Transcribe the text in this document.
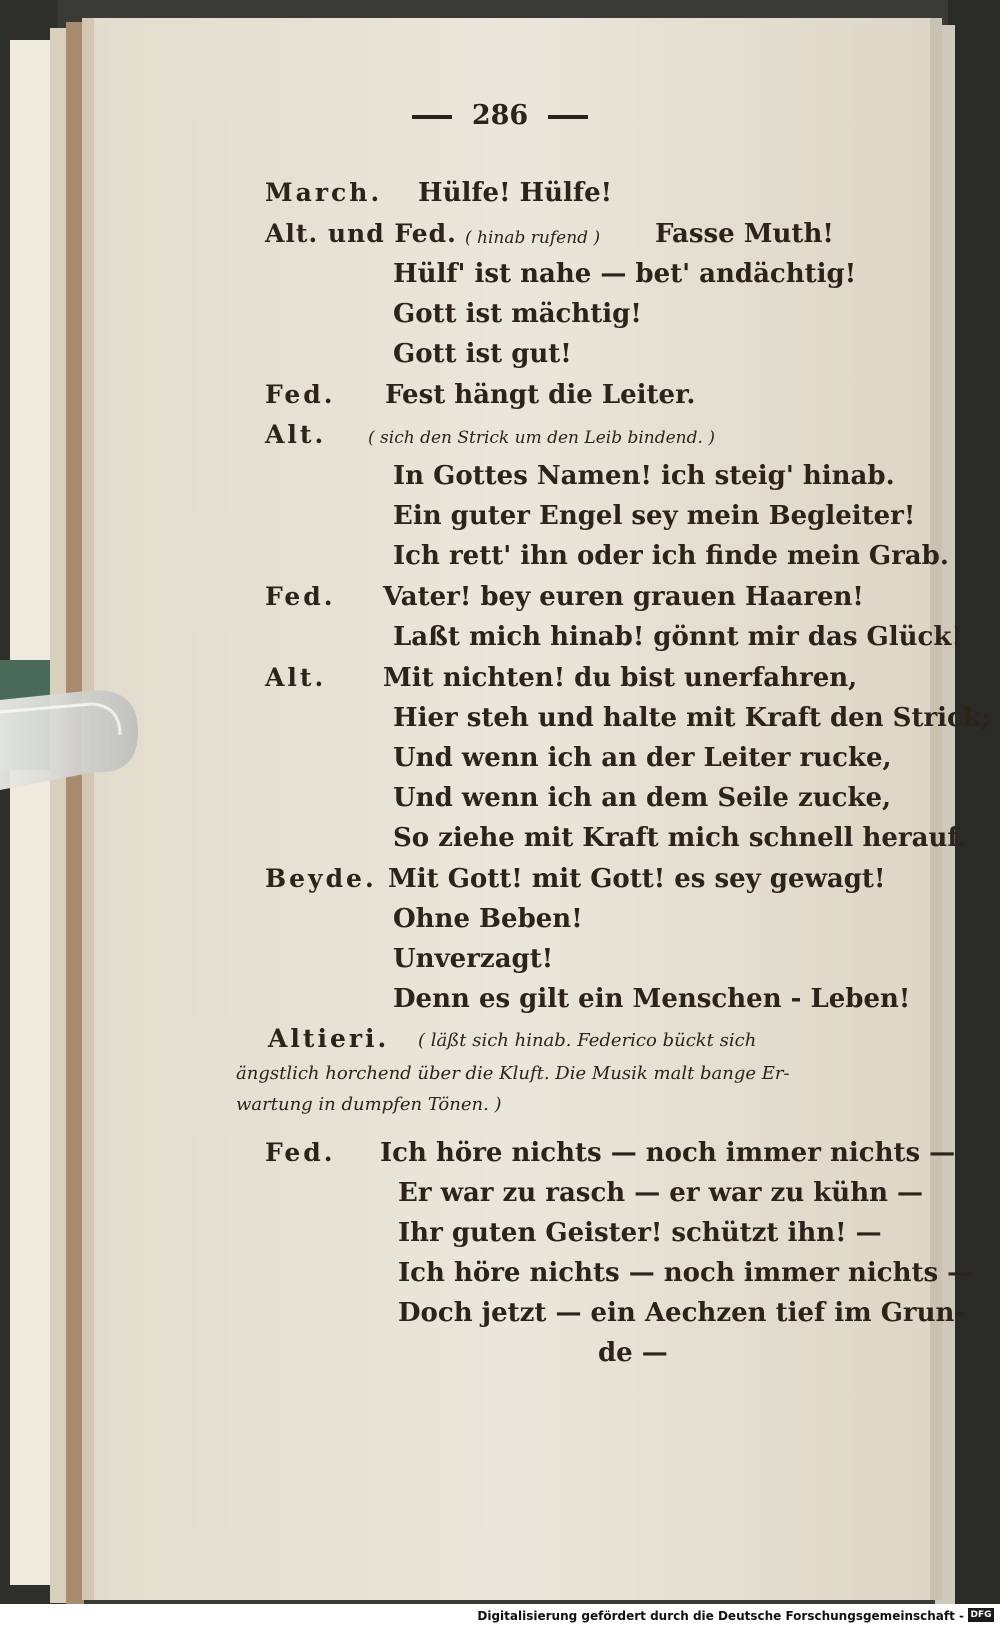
286
March. Hülfe! Hülfe!
Alt. und Fed. ( hinab rufend ) Fasse Muth!
Hülf' ist nahe — bet' andächtig!
Gott ist mächtig!
Gott ist gut!
Fed. Fest hängt die Leiter.
Alt. ( sich den Strick um den Leib bindend. )
In Gottes Namen! ich steig' hinab.
Ein guter Engel sey mein Begleiter!
Ich rett' ihn oder ich finde mein Grab.
Fed. Vater! bey euren grauen Haaren!
Laßt mich hinab! gönnt mir das Glück!
Alt. Mit nichten! du bist unerfahren,
Hier steh und halte mit Kraft den Strick;
Und wenn ich an der Leiter rucke,
Und wenn ich an dem Seile zucke,
So ziehe mit Kraft mich schnell herauf.
Beyde. Mit Gott! mit Gott! es sey gewagt!
Ohne Beben!
Unverzagt!
Denn es gilt ein Menschen - Leben!
Altieri. ( läßt sich hinab. Federico bückt sich
ängstlich horchend über die Kluft. Die Musik malt bange Er-
wartung in dumpfen Tönen. )
Fed. Ich höre nichts — noch immer nichts —
Er war zu rasch — er war zu kühn —
Ihr guten Geister! schützt ihn! —
Ich höre nichts — noch immer nichts —
Doch jetzt — ein Aechzen tief im Grun-
de —
Digitalisierung gefördert durch die Deutsche Forschungsgemeinschaft - DFG
